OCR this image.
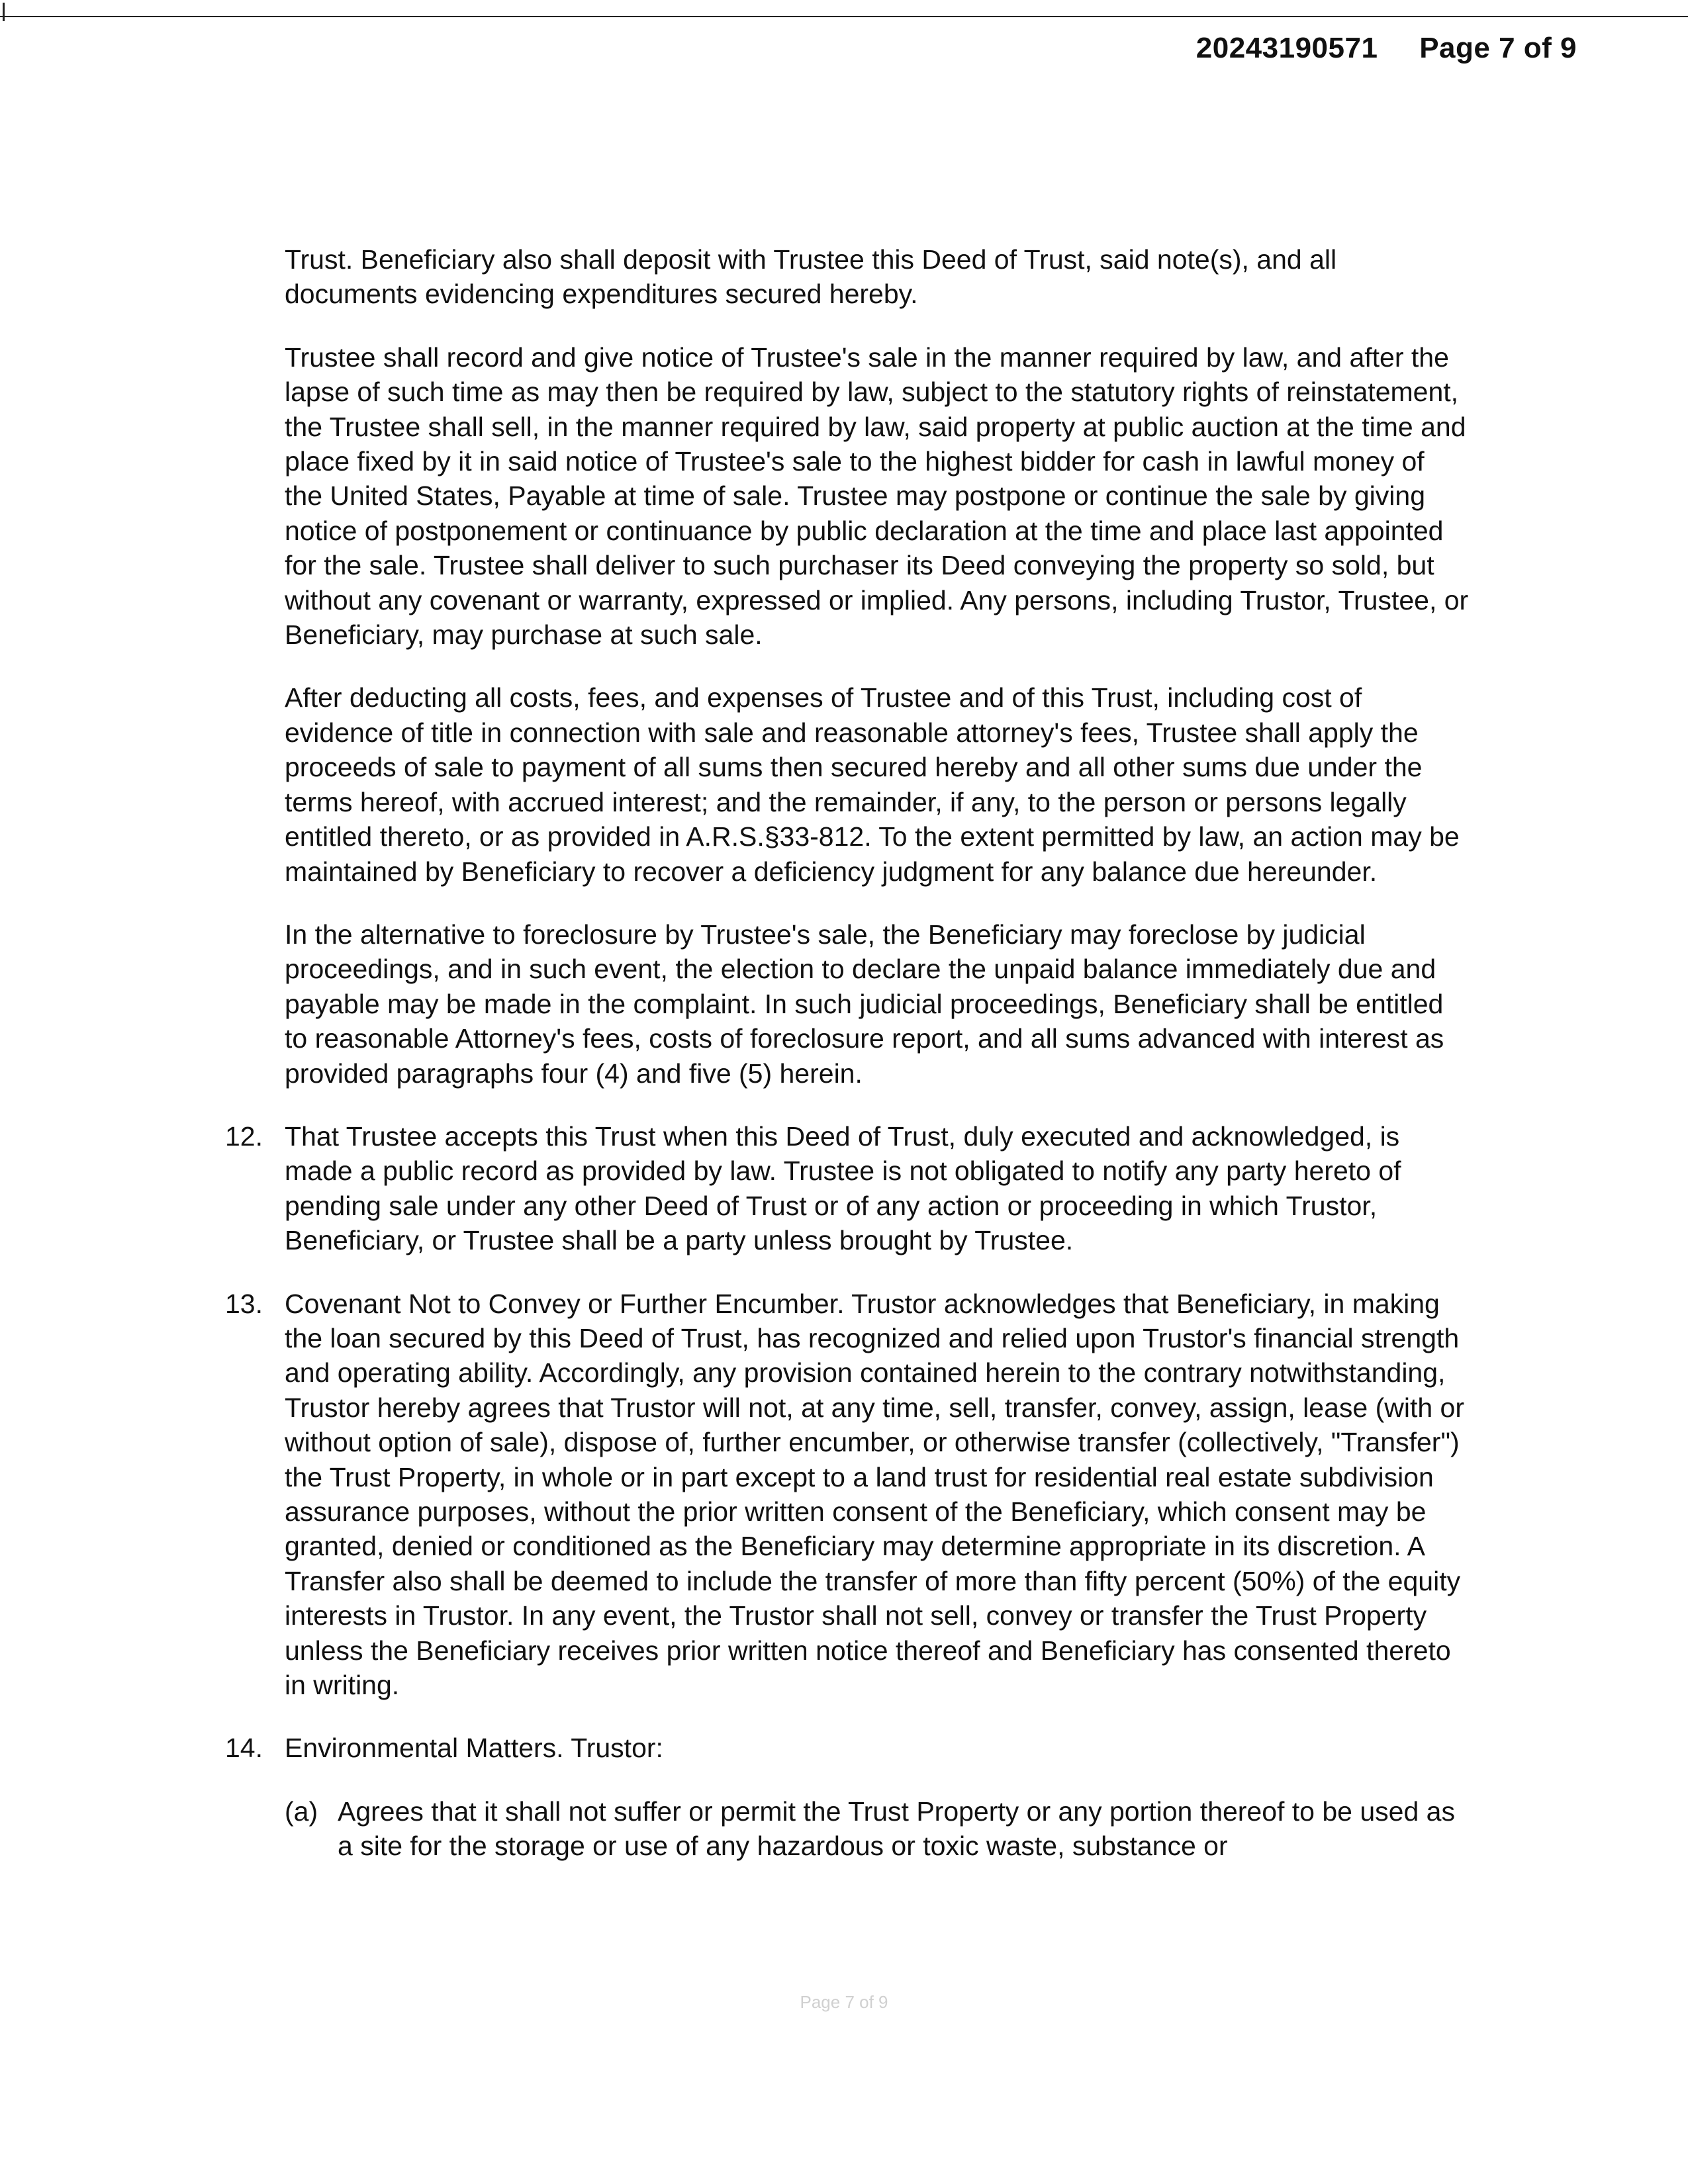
20243190571 Page 7 of 9

Trust. Beneficiary also shall deposit with Trustee this Deed of Trust, said note(s), and all documents evidencing expenditures secured hereby.

Trustee shall record and give notice of Trustee's sale in the manner required by law, and after the lapse of such time as may then be required by law, subject to the statutory rights of reinstatement, the Trustee shall sell, in the manner required by law, said property at public auction at the time and place fixed by it in said notice of Trustee's sale to the highest bidder for cash in lawful money of the United States, Payable at time of sale. Trustee may postpone or continue the sale by giving notice of postponement or continuance by public declaration at the time and place last appointed for the sale. Trustee shall deliver to such purchaser its Deed conveying the property so sold, but without any covenant or warranty, expressed or implied. Any persons, including Trustor, Trustee, or Beneficiary, may purchase at such sale.

After deducting all costs, fees, and expenses of Trustee and of this Trust, including cost of evidence of title in connection with sale and reasonable attorney's fees, Trustee shall apply the proceeds of sale to payment of all sums then secured hereby and all other sums due under the terms hereof, with accrued interest; and the remainder, if any, to the person or persons legally entitled thereto, or as provided in A.R.S.§33-812. To the extent permitted by law, an action may be maintained by Beneficiary to recover a deficiency judgment for any balance due hereunder.

In the alternative to foreclosure by Trustee's sale, the Beneficiary may foreclose by judicial proceedings, and in such event, the election to declare the unpaid balance immediately due and payable may be made in the complaint. In such judicial proceedings, Beneficiary shall be entitled to reasonable Attorney's fees, costs of foreclosure report, and all sums advanced with interest as provided paragraphs four (4) and five (5) herein.

12. That Trustee accepts this Trust when this Deed of Trust, duly executed and acknowledged, is made a public record as provided by law. Trustee is not obligated to notify any party hereto of pending sale under any other Deed of Trust or of any action or proceeding in which Trustor, Beneficiary, or Trustee shall be a party unless brought by Trustee.
13. Covenant Not to Convey or Further Encumber. Trustor acknowledges that Beneficiary, in making the loan secured by this Deed of Trust, has recognized and relied upon Trustor's financial strength and operating ability. Accordingly, any provision contained herein to the contrary notwithstanding, Trustor hereby agrees that Trustor will not, at any time, sell, transfer, convey, assign, lease (with or without option of sale), dispose of, further encumber, or otherwise transfer (collectively, "Transfer") the Trust Property, in whole or in part except to a land trust for residential real estate subdivision assurance purposes, without the prior written consent of the Beneficiary, which consent may be granted, denied or conditioned as the Beneficiary may determine appropriate in its discretion. A Transfer also shall be deemed to include the transfer of more than fifty percent (50%) of the equity interests in Trustor. In any event, the Trustor shall not sell, convey or transfer the Trust Property unless the Beneficiary receives prior written notice thereof and Beneficiary has consented thereto in writing.
14. Environmental Matters. Trustor:
(a) Agrees that it shall not suffer or permit the Trust Property or any portion thereof to be used as a site for the storage or use of any hazardous or toxic waste, substance or
Page 7 of 9
